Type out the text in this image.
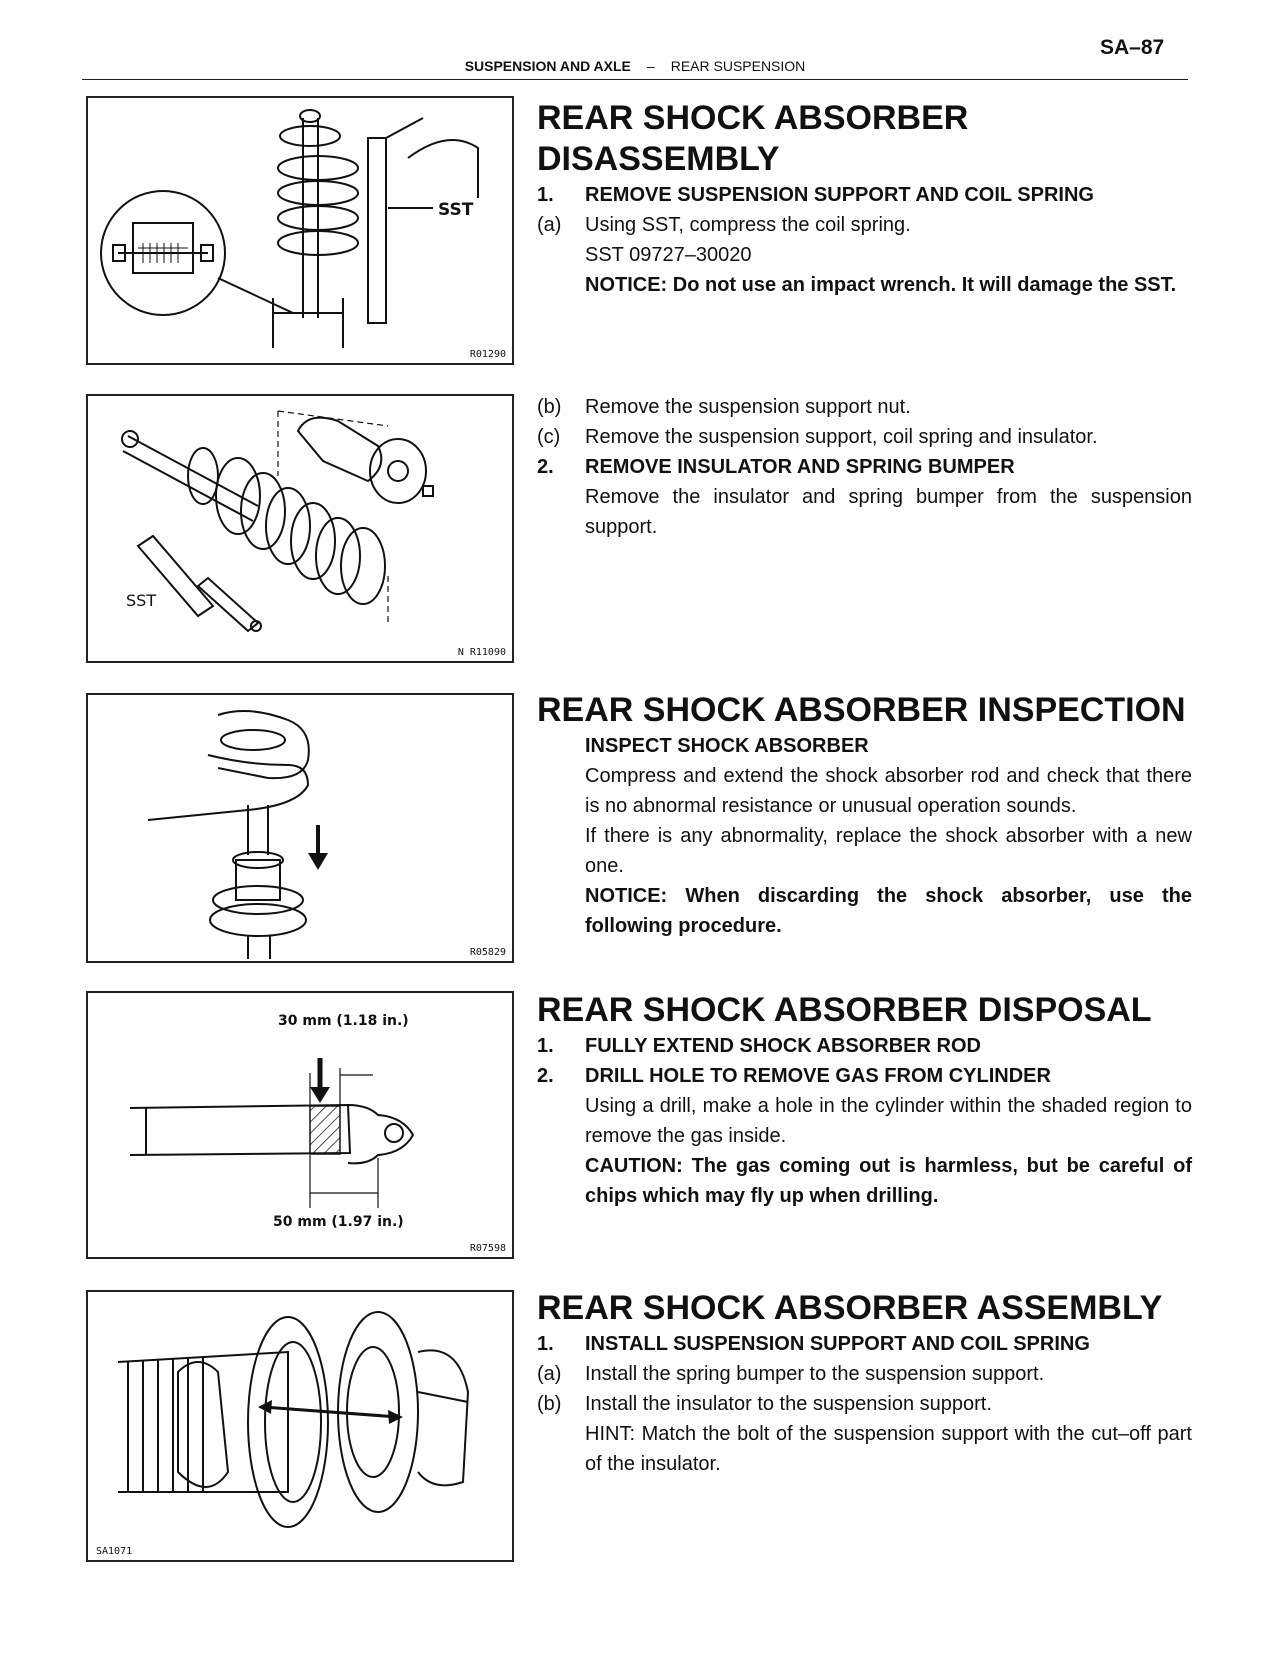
SA–87
SUSPENSION AND AXLE – REAR SUSPENSION
SST
R01290
SST
N R11090
R05829
30 mm (1.18 in.)
50 mm (1.97 in.)
R07598
SA1071
REAR SHOCK ABSORBER
DISASSEMBLY
1.	REMOVE SUSPENSION SUPPORT AND COIL SPRING
(a)	Using SST, compress the coil spring.
SST 09727–30020
NOTICE: Do not use an impact wrench. It will damage the SST.
(b)	Remove the suspension support nut.
(c)	Remove the suspension support, coil spring and insulator.
2.	REMOVE INSULATOR AND SPRING BUMPER
Remove the insulator and spring bumper from the suspension support.
REAR SHOCK ABSORBER INSPECTION
INSPECT SHOCK ABSORBER
Compress and extend the shock absorber rod and check that there is no abnormal resistance or unusual operation sounds.
If there is any abnormality, replace the shock absorber with a new one.
NOTICE: When discarding the shock absorber, use the following procedure.
REAR SHOCK ABSORBER DISPOSAL
1.	FULLY EXTEND SHOCK ABSORBER ROD
2.	DRILL HOLE TO REMOVE GAS FROM CYLINDER
Using a drill, make a hole in the cylinder within the shaded region to remove the gas inside.
CAUTION: The gas coming out is harmless, but be careful of chips which may fly up when drilling.
REAR SHOCK ABSORBER ASSEMBLY
1.	INSTALL SUSPENSION SUPPORT AND COIL SPRING
(a)	Install the spring bumper to the suspension support.
(b)	Install the insulator to the suspension support.
HINT: Match the bolt of the suspension support with the cut–off part of the insulator.
